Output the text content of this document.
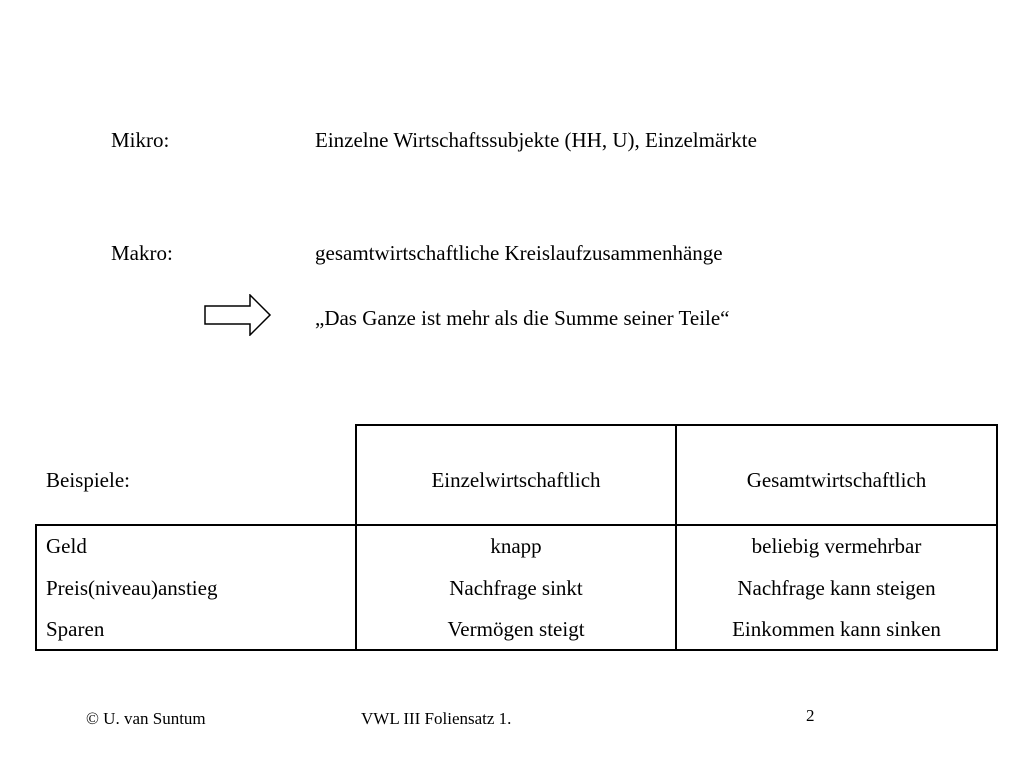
Mikro:	Einzelne Wirtschaftssubjekte (HH, U), Einzelmärkte
Makro:	gesamtwirtschaftliche Kreislaufzusammenhänge
„Das Ganze ist mehr als die Summe seiner Teile“
Beispiele:	Einzelwirtschaftlich	Gesamtwirtschaftlich
Geld	knapp	beliebig vermehrbar
Preis(niveau)anstieg	Nachfrage sinkt	Nachfrage kann steigen
Sparen	Vermögen steigt	Einkommen kann sinken
© U. van Suntum	VWL III Foliensatz 1.	2
